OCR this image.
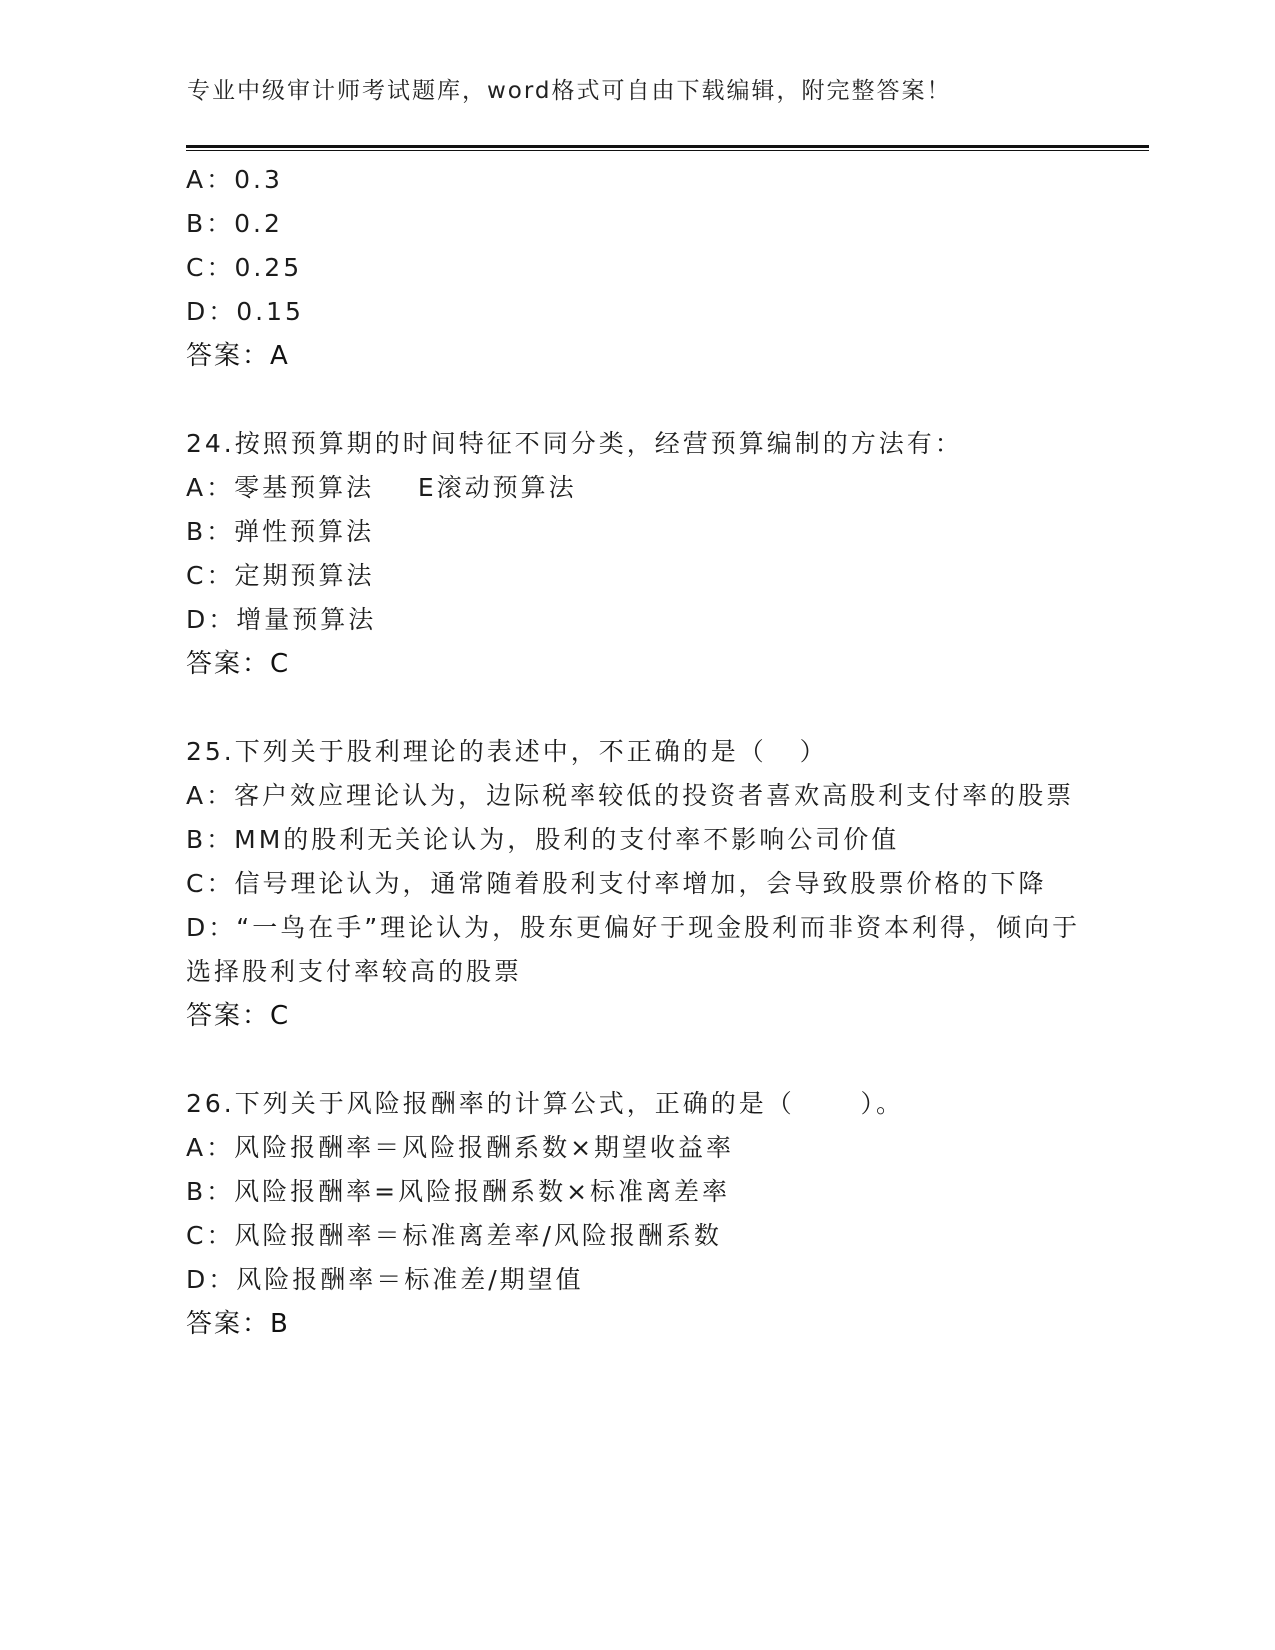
专业中级审计师考试题库，word格式可自由下载编辑，附完整答案！
A：0.3
B：0.2
C：0.25
D：0.15
答案：A
24.按照预算期的时间特征不同分类，经营预算编制的方法有：
A：零基预算法    E滚动预算法
B：弹性预算法
C：定期预算法
D：增量预算法
答案：C
25.下列关于股利理论的表述中，不正确的是（   ）
A：客户效应理论认为，边际税率较低的投资者喜欢高股利支付率的股票
B：MM的股利无关论认为，股利的支付率不影响公司价值
C：信号理论认为，通常随着股利支付率增加，会导致股票价格的下降
D：“一鸟在手”理论认为，股东更偏好于现金股利而非资本利得，倾向于选择股利支付率较高的股票
答案：C
26.下列关于风险报酬率的计算公式，正确的是（      ）。
A：风险报酬率＝风险报酬系数×期望收益率
B：风险报酬率=风险报酬系数×标准离差率
C：风险报酬率＝标准离差率/风险报酬系数
D：风险报酬率＝标准差/期望值
答案：B
